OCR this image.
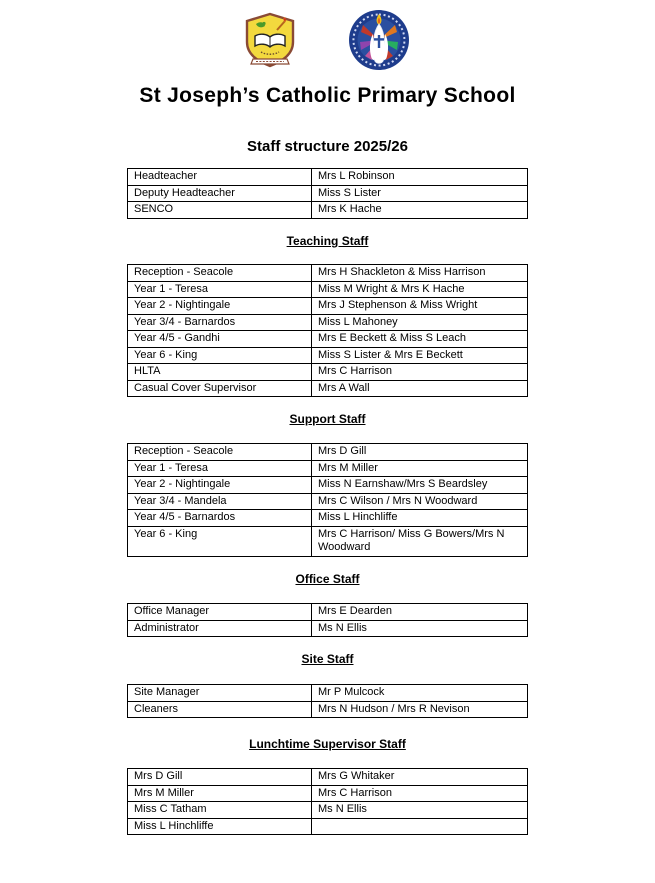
St Joseph’s Catholic Primary School
Staff structure 2025/26
Headteacher	Mrs L Robinson
Deputy Headteacher	Miss S Lister
SENCO	Mrs K Hache
Teaching Staff
Reception - Seacole	Mrs H Shackleton & Miss Harrison
Year 1 - Teresa	Miss M Wright & Mrs K Hache
Year 2 - Nightingale	Mrs J Stephenson & Miss Wright
Year 3/4 - Barnardos	Miss L Mahoney
Year 4/5 - Gandhi	Mrs E Beckett & Miss S Leach
Year 6 - King	Miss S Lister & Mrs E Beckett
HLTA	Mrs C Harrison
Casual Cover Supervisor	Mrs A Wall
Support Staff
Reception - Seacole	Mrs D Gill
Year 1 - Teresa	Mrs M Miller
Year 2 - Nightingale	Miss N Earnshaw/Mrs S Beardsley
Year 3/4 - Mandela	Mrs C Wilson / Mrs N Woodward
Year 4/5 - Barnardos	Miss L Hinchliffe
Year 6 - King	Mrs C Harrison/ Miss G Bowers/Mrs N Woodward
Office Staff
Office Manager	Mrs E Dearden
Administrator	Ms N Ellis
Site Staff
Site Manager	Mr P Mulcock
Cleaners	Mrs N Hudson / Mrs R Nevison
Lunchtime Supervisor Staff
Mrs D Gill	Mrs G Whitaker
Mrs M Miller	Mrs C Harrison
Miss C Tatham	Ms N Ellis
Miss L Hinchliffe	
